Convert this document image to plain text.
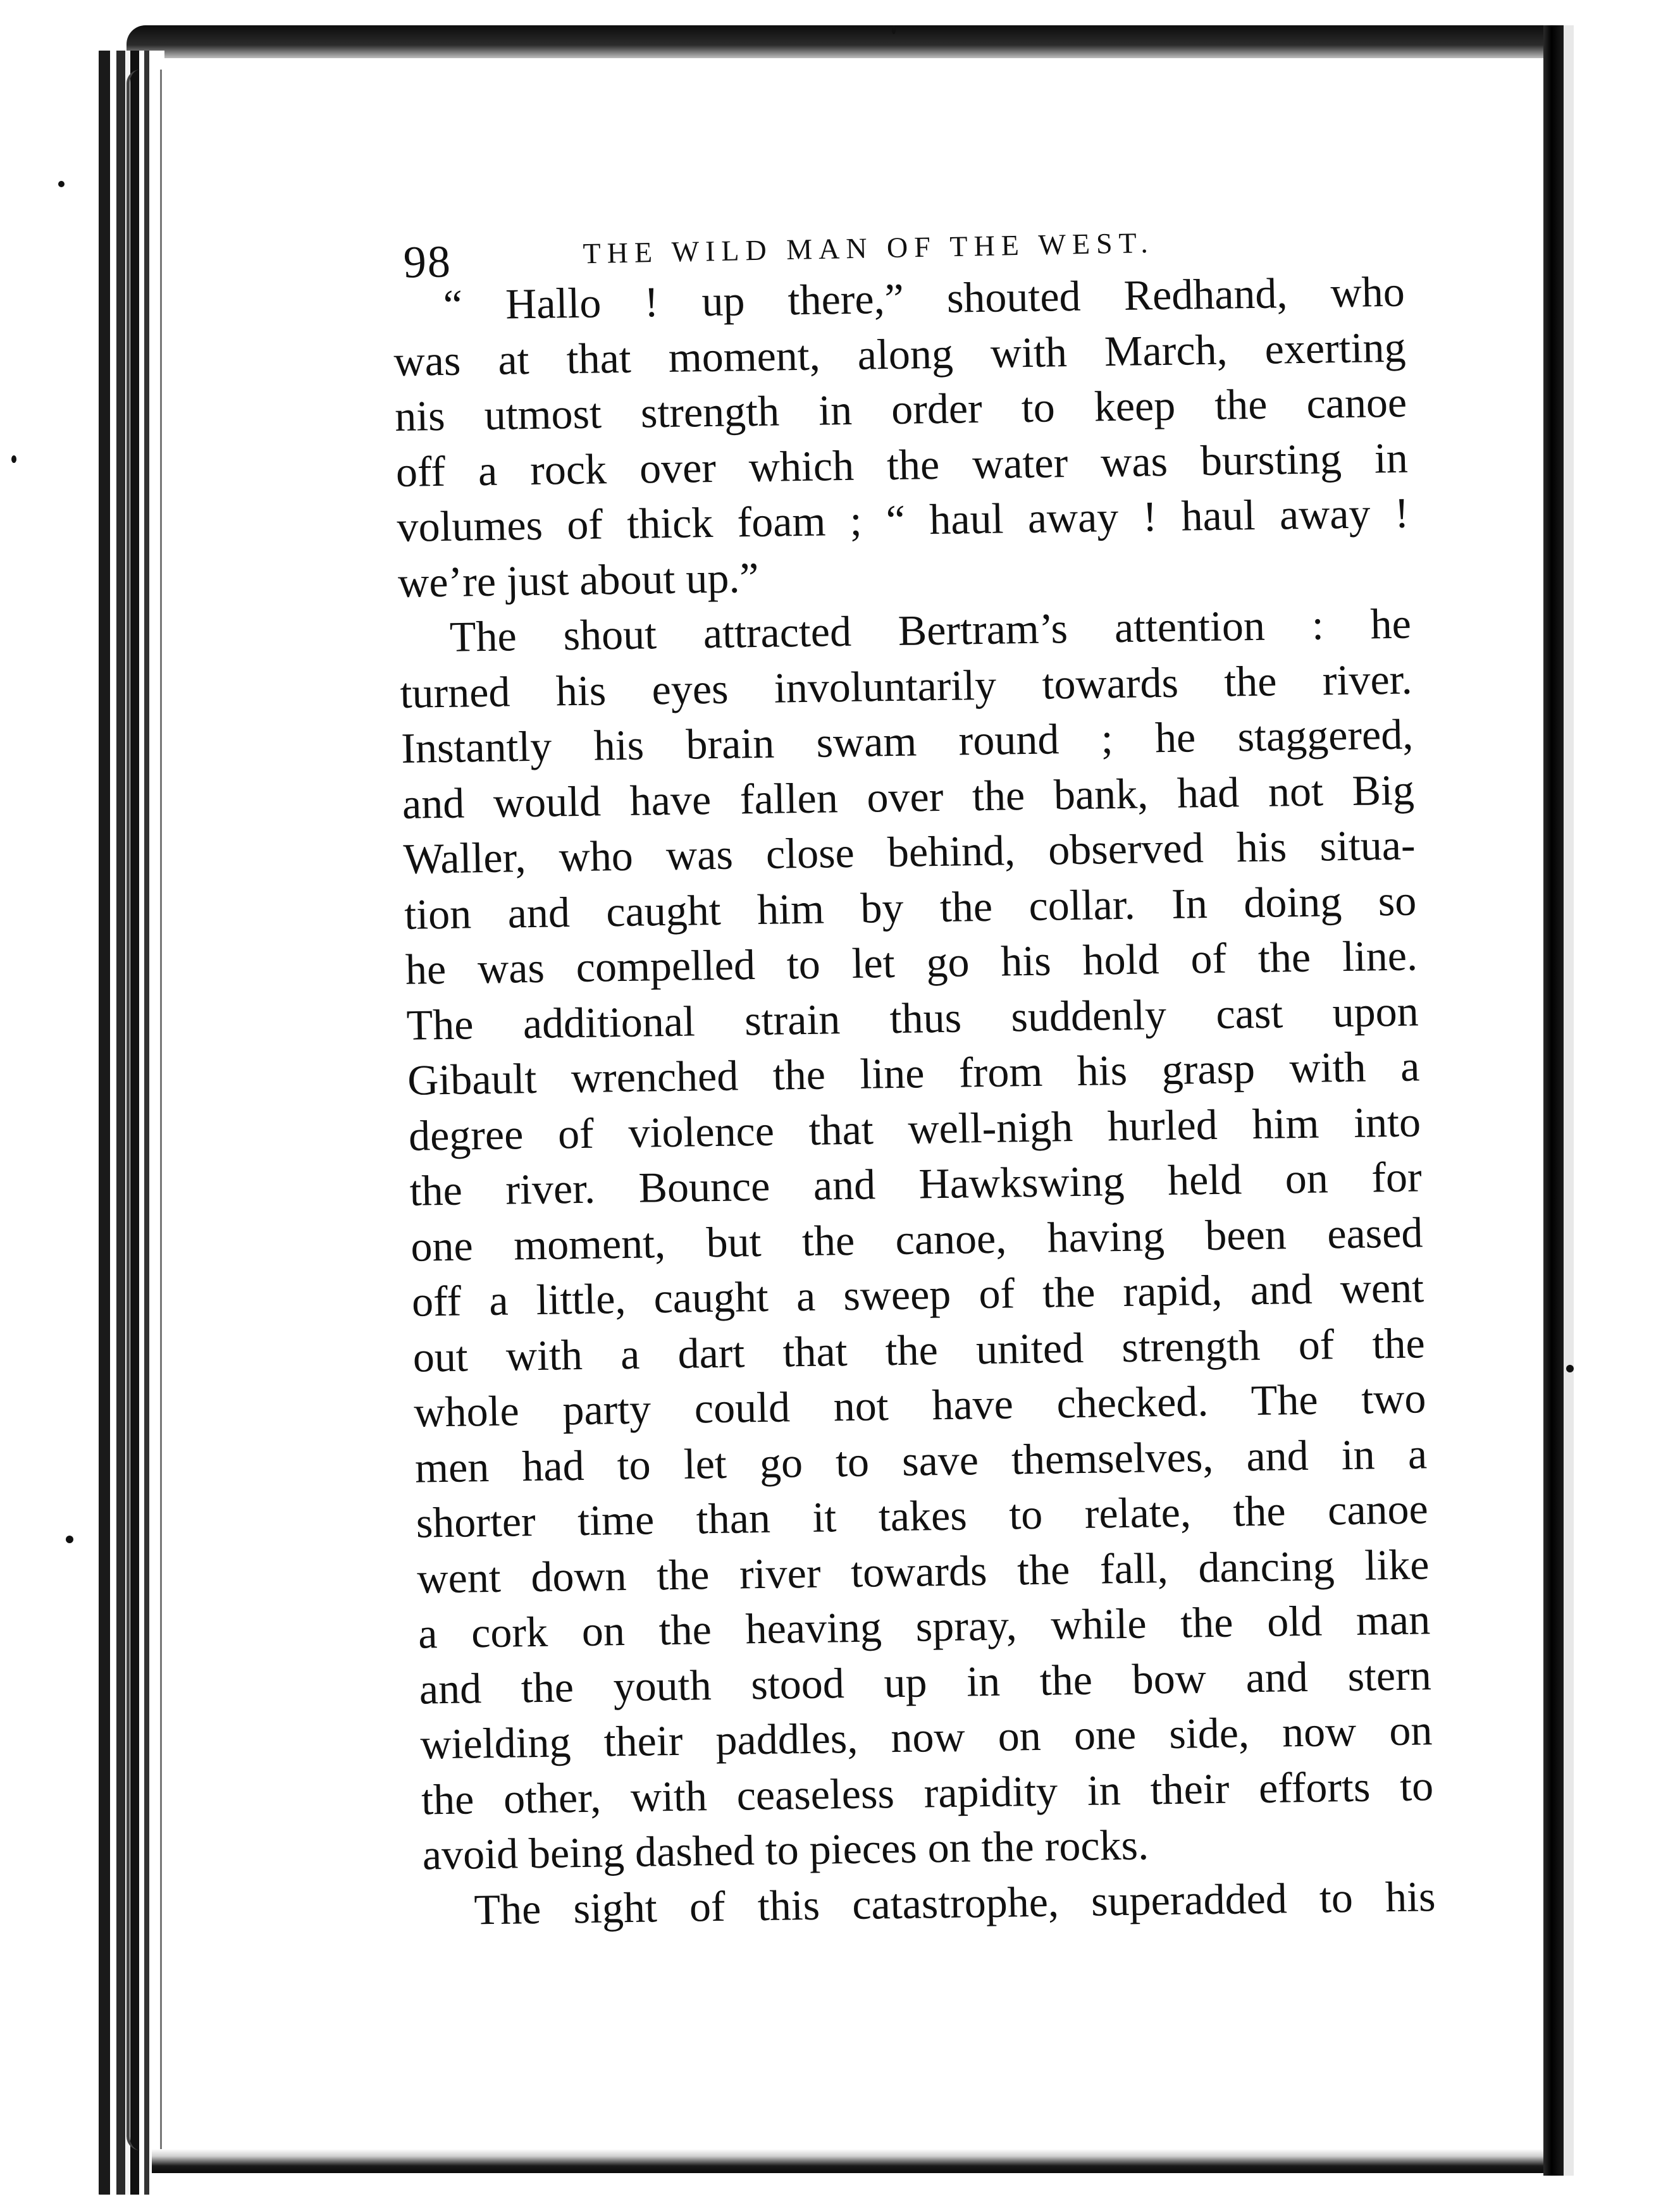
98	THE WILD MAN OF THE WEST.

“ Hallo ! up there,” shouted Redhand, who
was at that moment, along with March, exerting
nis utmost strength in order to keep the canoe
off a rock over which the water was bursting in
volumes of thick foam ; “ haul away ! haul away !
we’re just about up.”

The shout attracted Bertram’s attention : he
turned his eyes involuntarily towards the river.
Instantly his brain swam round ; he staggered,
and would have fallen over the bank, had not Big
Waller, who was close behind, observed his situa-
tion and caught him by the collar. In doing so
he was compelled to let go his hold of the line.
The additional strain thus suddenly cast upon
Gibault wrenched the line from his grasp with a
degree of violence that well-nigh hurled him into
the river. Bounce and Hawkswing held on for
one moment, but the canoe, having been eased
off a little, caught a sweep of the rapid, and went
out with a dart that the united strength of the
whole party could not have checked. The two
men had to let go to save themselves, and in a
shorter time than it takes to relate, the canoe
went down the river towards the fall, dancing like
a cork on the heaving spray, while the old man
and the youth stood up in the bow and stern
wielding their paddles, now on one side, now on
the other, with ceaseless rapidity in their efforts to
avoid being dashed to pieces on the rocks.

The sight of this catastrophe, superadded to his
